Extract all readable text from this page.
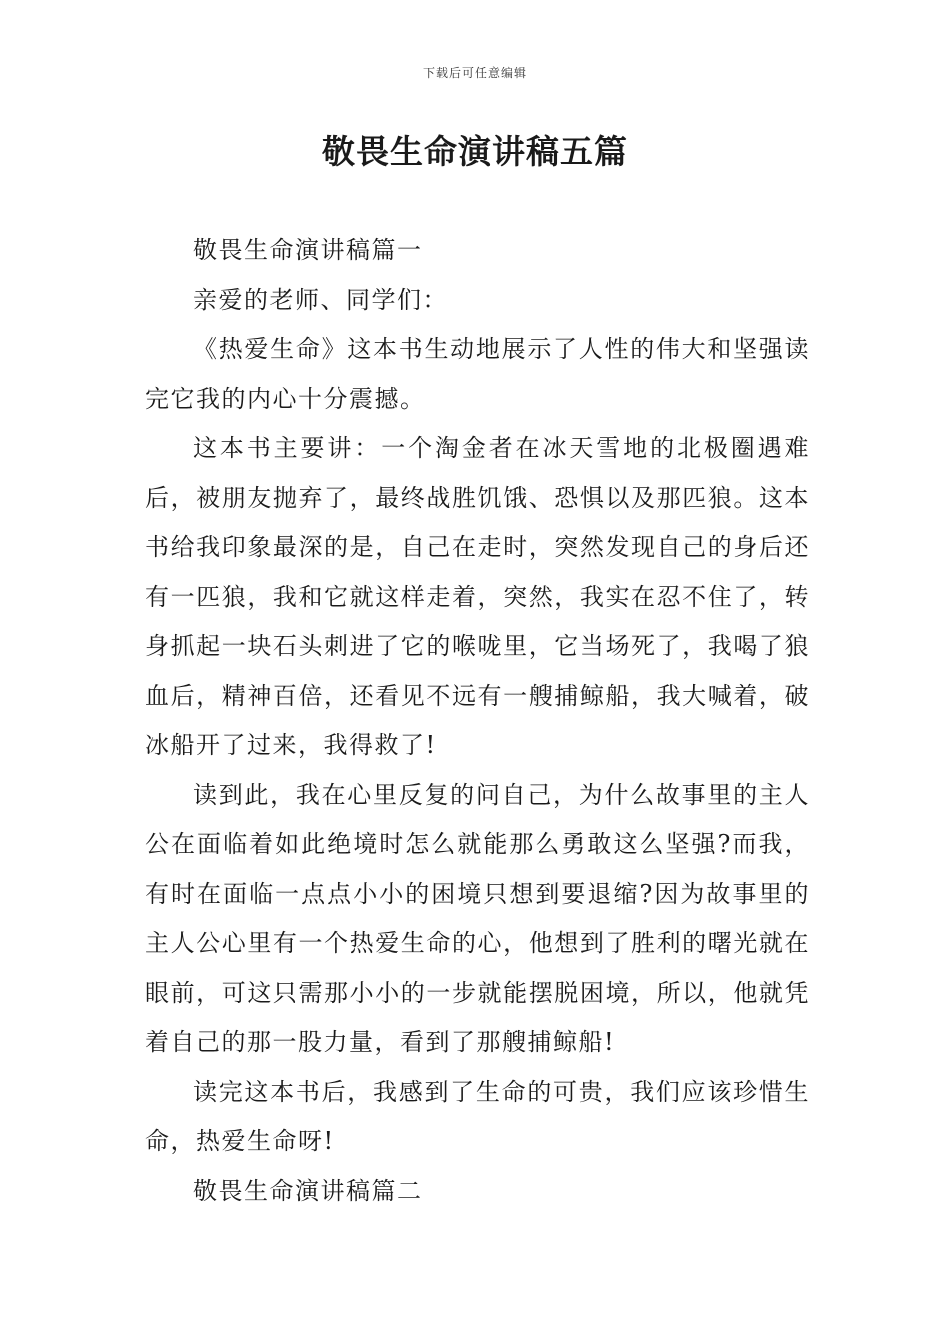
下载后可任意编辑
敬畏生命演讲稿五篇

敬畏生命演讲稿篇一

亲爱的老师、同学们：

《热爱生命》这本书生动地展示了人性的伟大和坚强读完它我的内心十分震撼。

这本书主要讲：一个淘金者在冰天雪地的北极圈遇难后，被朋友抛弃了，最终战胜饥饿、恐惧以及那匹狼。这本书给我印象最深的是，自己在走时，突然发现自己的身后还有一匹狼，我和它就这样走着，突然，我实在忍不住了，转身抓起一块石头刺进了它的喉咙里，它当场死了，我喝了狼血后，精神百倍，还看见不远有一艘捕鲸船，我大喊着，破冰船开了过来，我得救了!

读到此，我在心里反复的问自己，为什么故事里的主人公在面临着如此绝境时怎么就能那么勇敢这么坚强?而我，有时在面临一点点小小的困境只想到要退缩?因为故事里的主人公心里有一个热爱生命的心，他想到了胜利的曙光就在眼前，可这只需那小小的一步就能摆脱困境，所以，他就凭着自己的那一股力量，看到了那艘捕鲸船!

读完这本书后，我感到了生命的可贵，我们应该珍惜生命，热爱生命呀!

敬畏生命演讲稿篇二
